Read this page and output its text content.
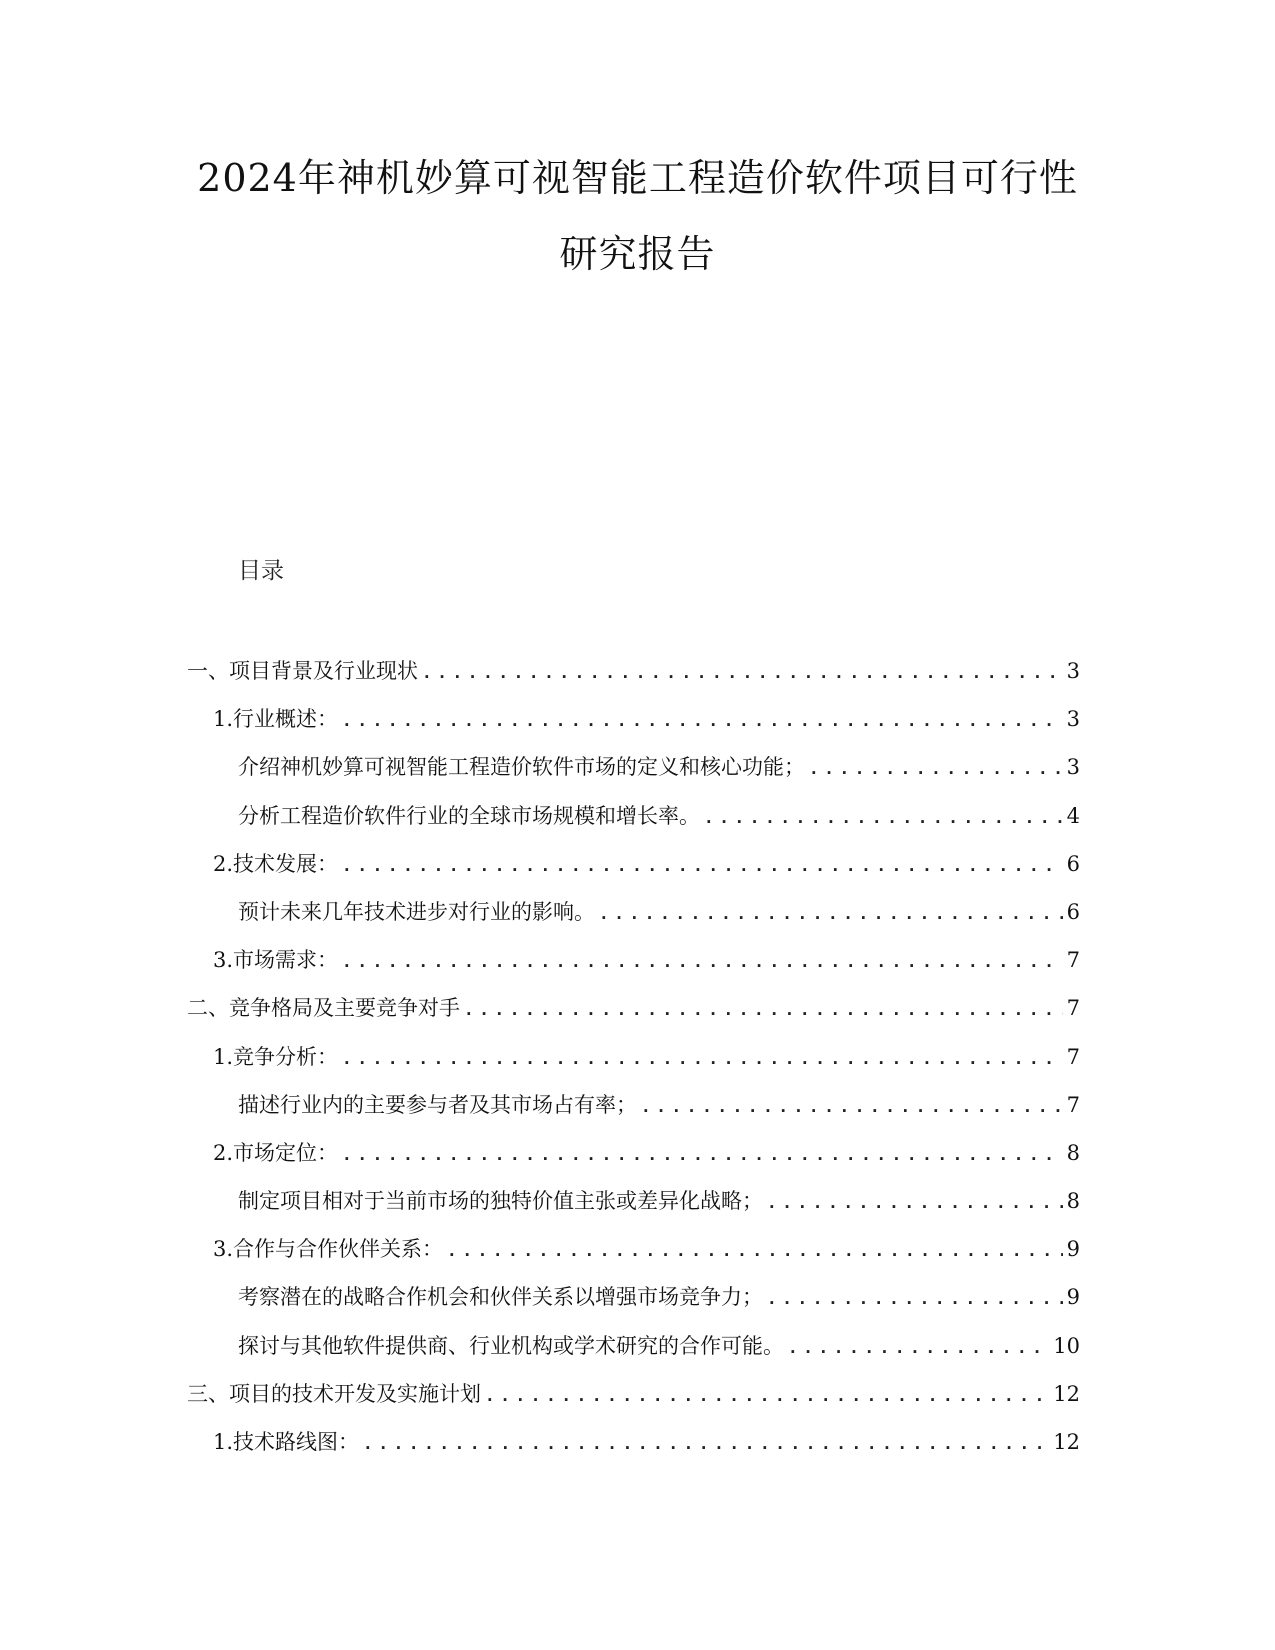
2024年神机妙算可视智能工程造价软件项目可行性
研究报告
目录
一、项目背景及行业现状 . . .	3
1. 行业概述： . . .	3
介绍神机妙算可视智能工程造价软件市场的定义和核心功能； . . .	3
分析工程造价软件行业的全球市场规模和增长率。 . . .	4
2. 技术发展： . . .	6
预计未来几年技术进步对行业的影响。 . . .	6
3. 市场需求： . . .	7
二、竞争格局及主要竞争对手 . . .	7
1. 竞争分析： . . .	7
描述行业内的主要参与者及其市场占有率； . . .	7
2. 市场定位： . . .	8
制定项目相对于当前市场的独特价值主张或差异化战略； . . .	8
3. 合作与合作伙伴关系： . . .	9
考察潜在的战略合作机会和伙伴关系以增强市场竞争力； . . .	9
探讨与其他软件提供商、行业机构或学术研究的合作可能。 . . .	10
三、项目的技术开发及实施计划 . . .	12
1. 技术路线图： . . .	12
